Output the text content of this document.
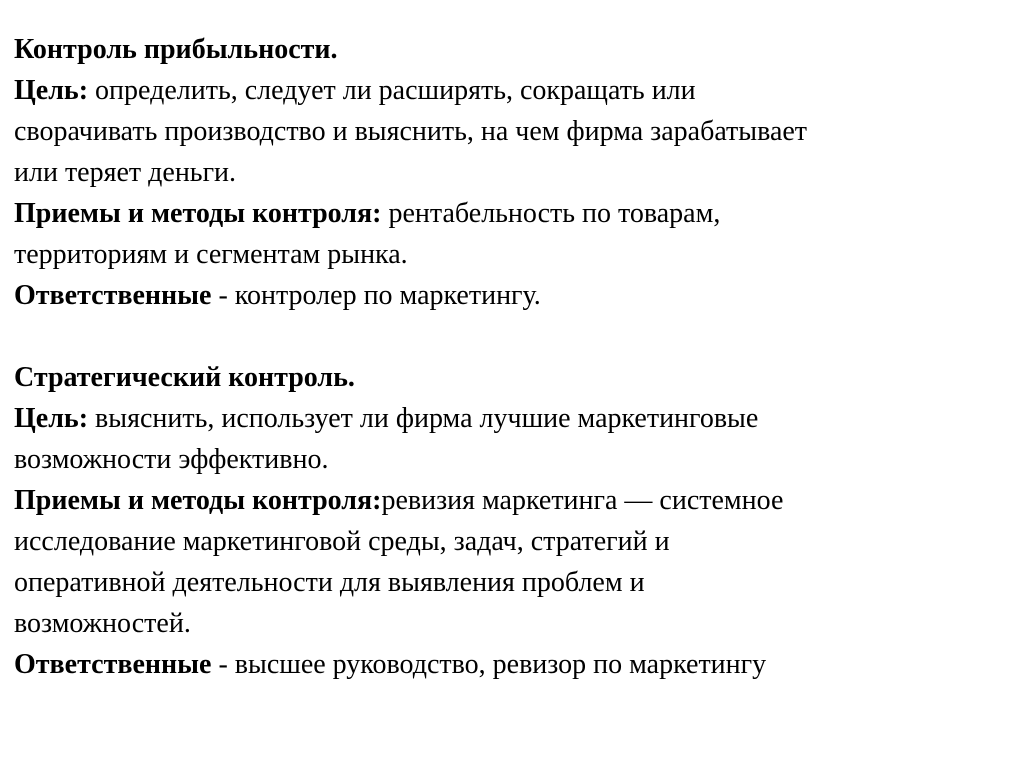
Контроль прибыльности.
Цель: определить, следует ли расширять, сокращать или
сворачивать производство и выяснить, на чем фирма зарабатывает
или теряет деньги.
Приемы и методы контроля: рентабельность по товарам,
территориям и сегментам рынка.
Ответственные - контролер по маркетингу.
Стратегический контроль.
Цель: выяснить, использует ли фирма лучшие маркетинговые
возможности эффективно.
Приемы и методы контроля:ревизия маркетинга — системное
исследование маркетинговой среды, задач, стратегий и
оперативной деятельности для выявления проблем и
возможностей.
Ответственные - высшее руководство, ревизор по маркетингу
